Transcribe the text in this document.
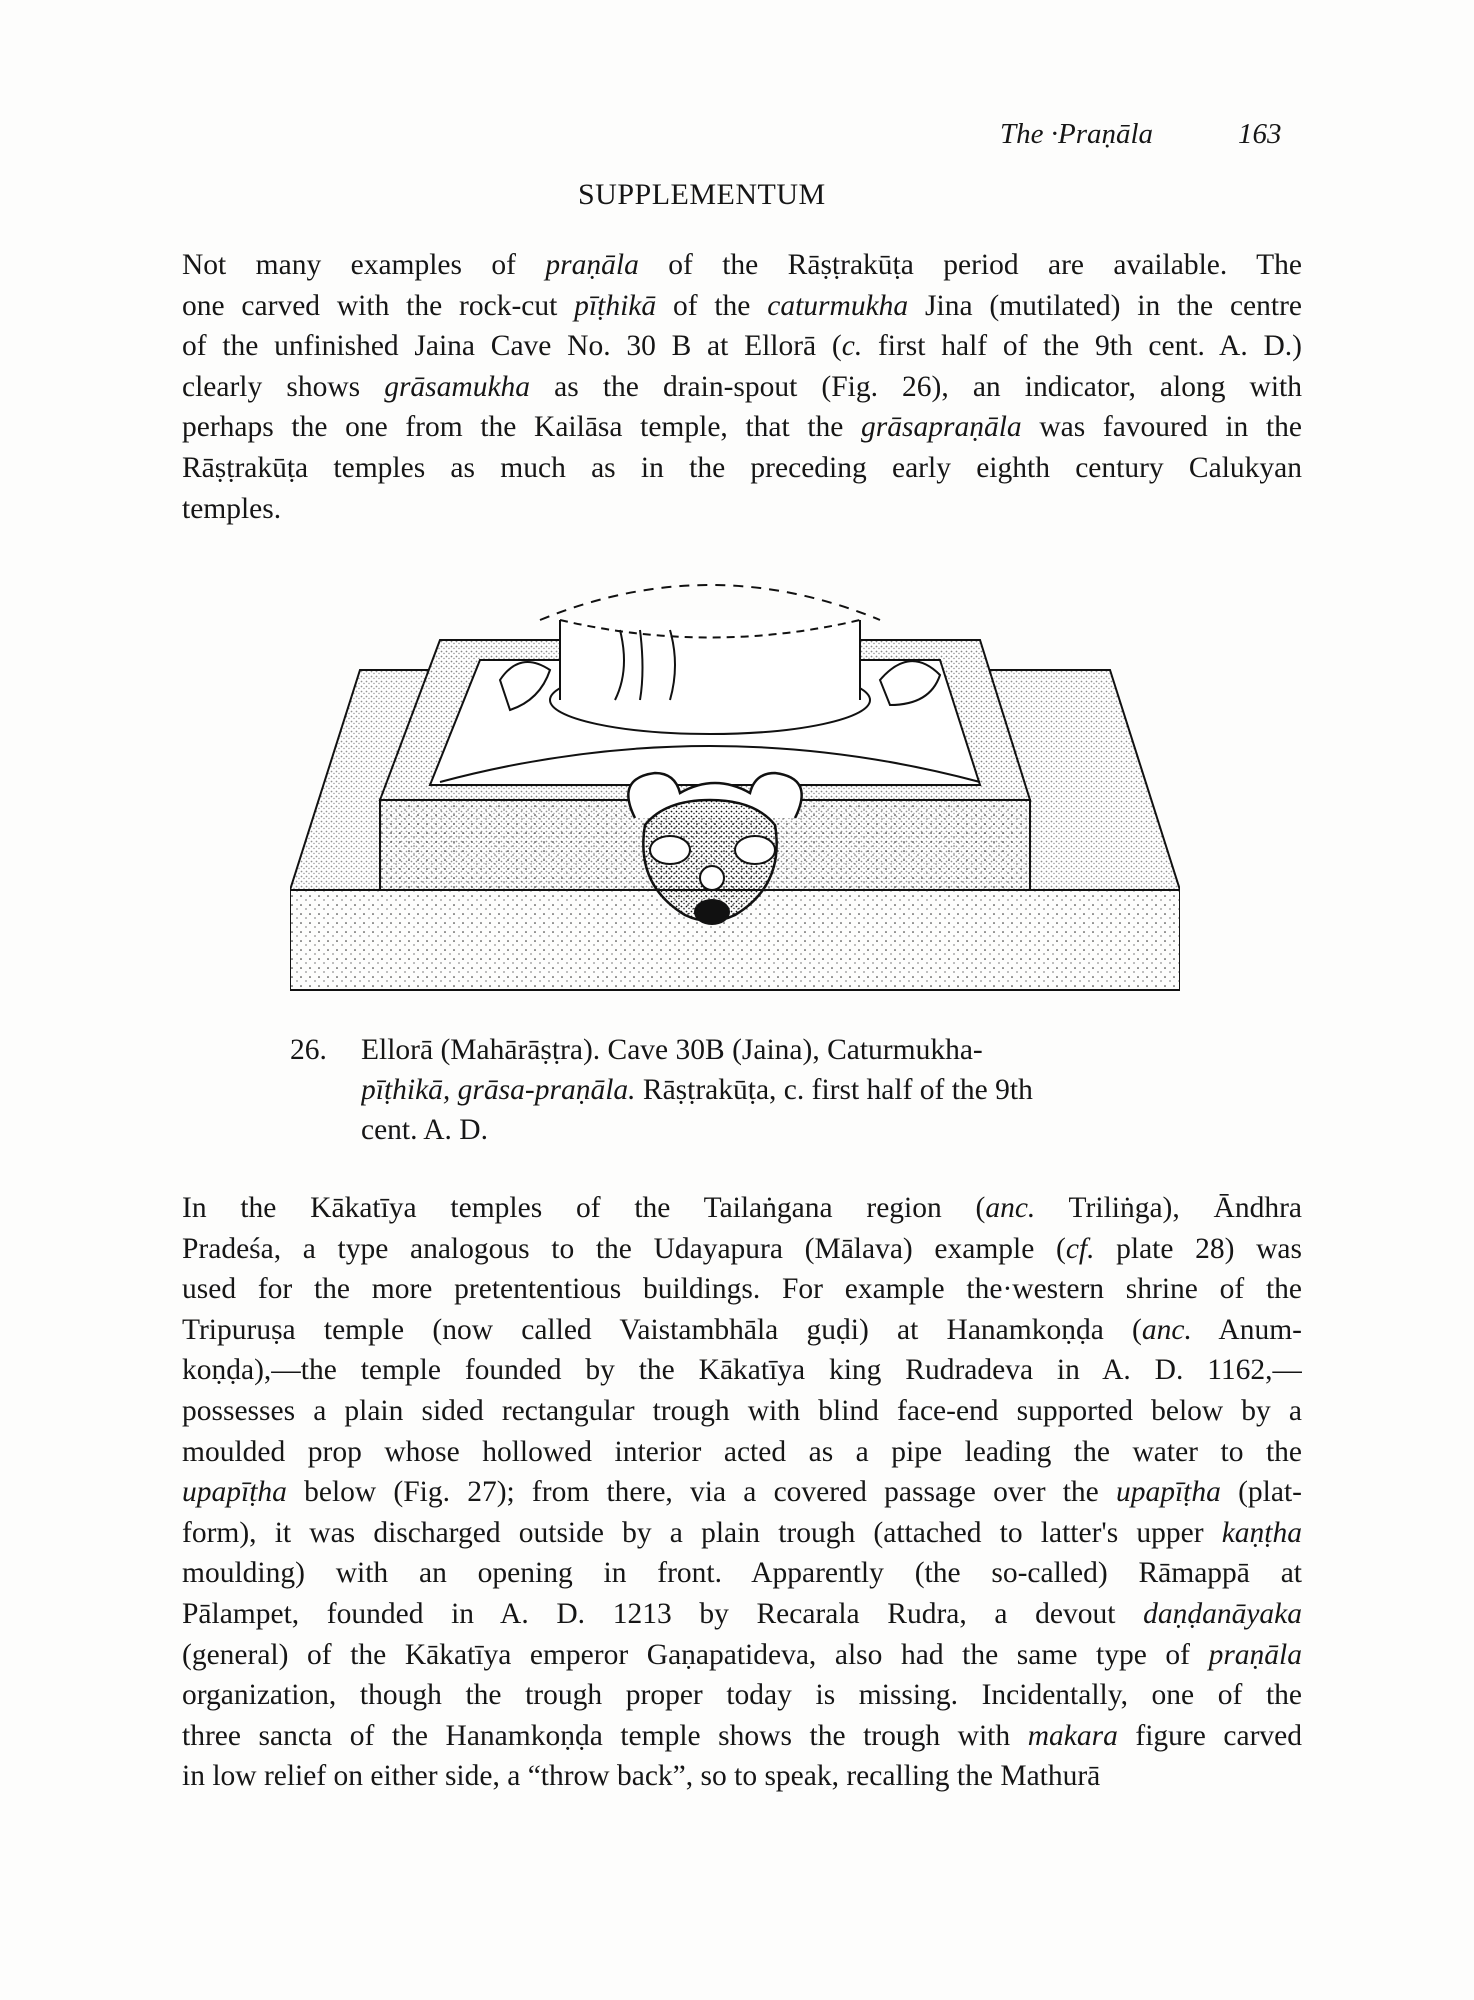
The ·Praṇāla	163
SUPPLEMENTUM
Not many examples of praṇāla of the Rāṣṭrakūṭa period are available. The
one carved with the rock-cut pīṭhikā of the caturmukha Jina (mutilated) in the centre
of the unfinished Jaina Cave No. 30 B at Ellorā (c. first half of the 9th cent. A. D.)
clearly shows grāsamukha as the drain-spout (Fig. 26), an indicator, along with
perhaps the one from the Kailāsa temple, that the grāsapraṇāla was favoured in the
Rāṣṭrakūṭa temples as much as in the preceding early eighth century Calukyan
temples.
26. Ellorā (Mahārāṣṭra). Cave 30B (Jaina), Caturmukha-
pīṭhikā, grāsa-praṇāla. Rāṣṭrakūṭa, c. first half of the 9th
cent. A. D.
In the Kākatīya temples of the Tailaṅgana region (anc. Triliṅga), Āndhra
Pradeśa, a type analogous to the Udayapura (Mālava) example (cf. plate 28) was
used for the more pretententious buildings. For example the·western shrine of the
Tripuruṣa temple (now called Vaistambhāla guḍi) at Hanamkoṇḍa (anc. Anum-
koṇḍa),—the temple founded by the Kākatīya king Rudradeva in A. D. 1162,—
possesses a plain sided rectangular trough with blind face-end supported below by a
moulded prop whose hollowed interior acted as a pipe leading the water to the
upapīṭha below (Fig. 27); from there, via a covered passage over the upapīṭha (plat-
form), it was discharged outside by a plain trough (attached to latter's upper kaṇṭha
moulding) with an opening in front. Apparently (the so-called) Rāmappā at
Pālampet, founded in A. D. 1213 by Recarala Rudra, a devout daṇḍanāyaka
(general) of the Kākatīya emperor Gaṇapatideva, also had the same type of praṇāla
organization, though the trough proper today is missing. Incidentally, one of the
three sancta of the Hanamkoṇḍa temple shows the trough with makara figure carved
in low relief on either side, a “throw back”, so to speak, recalling the Mathurā
